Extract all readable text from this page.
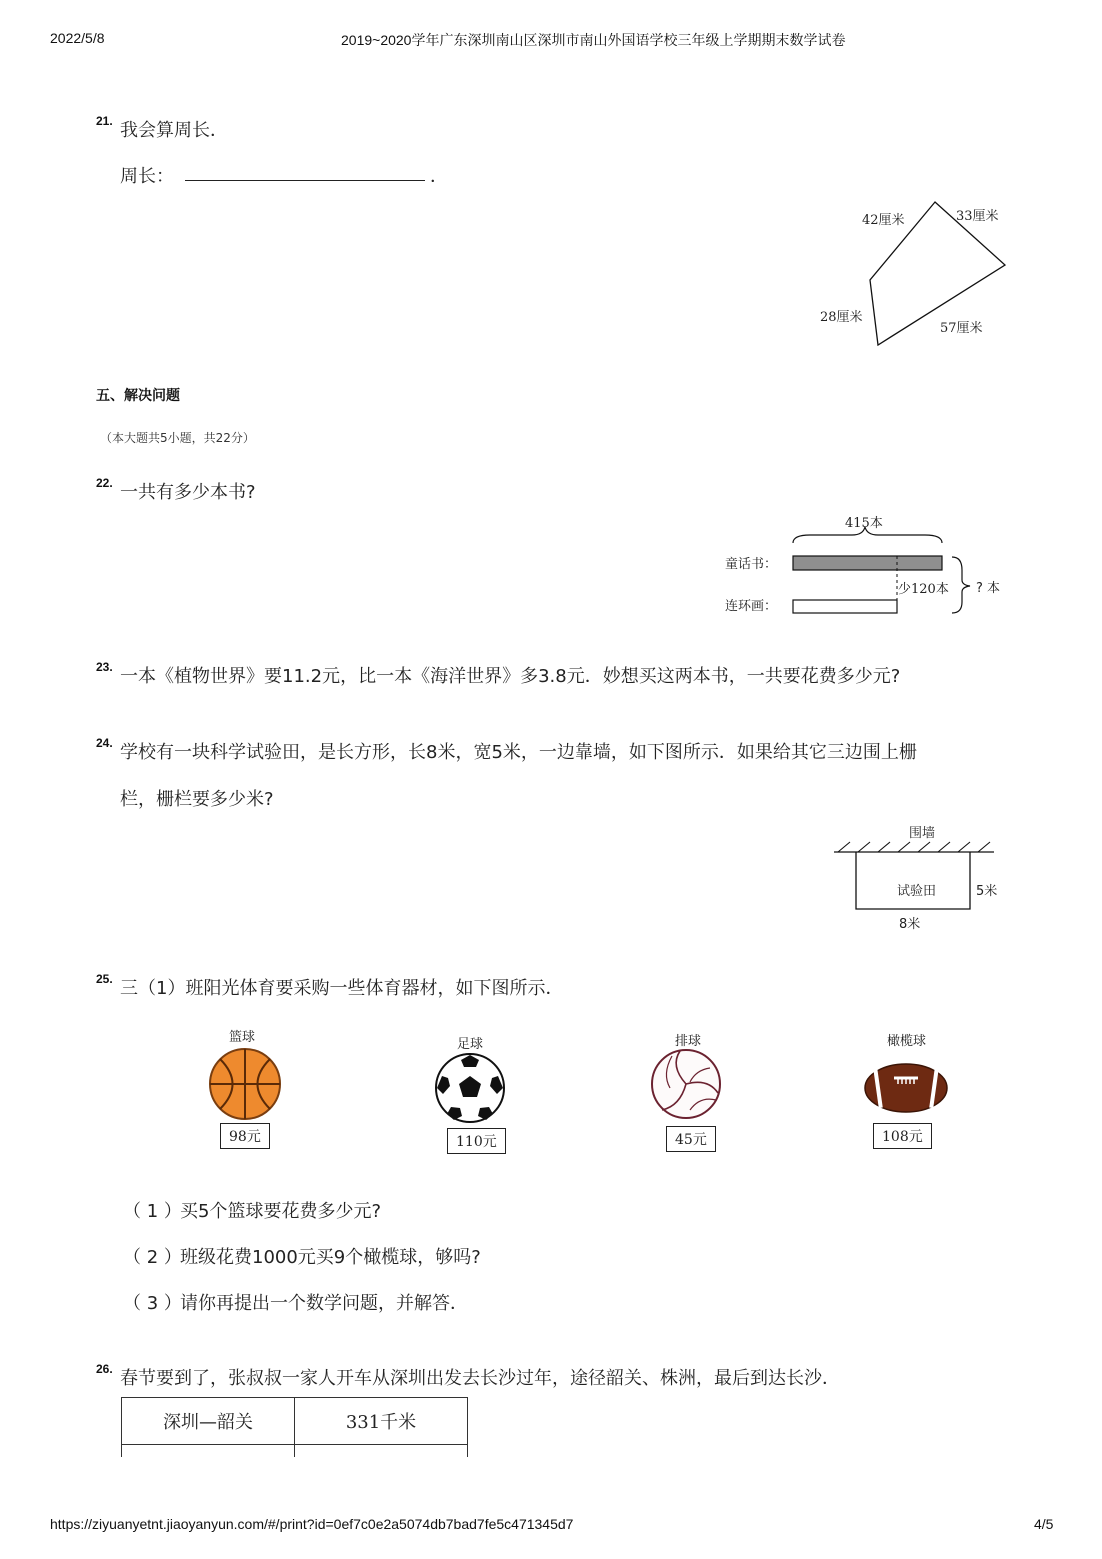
2022/5/8	2019~2020学年广东深圳南山区深圳市南山外国语学校三年级上学期期末数学试卷
21. 我会算周长．
周长：	．
42厘米	33厘米
28厘米
57厘米
五、解决问题
（本大题共5小题，共22分）
22. 一共有多少本书?
415本
童话书：
连环画：
少120本 ? 本
23. 一本《植物世界》要11.2元，比一本《海洋世界》多3.8元．妙想买这两本书，一共要花费多少元?
24. 学校有一块科学试验田，是长方形，长8米，宽5米，一边靠墙，如下图所示．如果给其它三边围上栅
栏，栅栏要多少米?
围墙
试验田	5米
8米
25. 三（1）班阳光体育要采购一些体育器材，如下图所示．
篮球
98元
足球
110元
排球
45元
橄榄球
108元
（ 1 ）
买5个篮球要花费多少元?
（ 2 ）
班级花费1000元买9个橄榄球，够吗?
（ 3 ）
请你再提出一个数学问题，并解答．
26. 春节要到了，张叔叔一家人开车从深圳出发去长沙过年，途径韶关、株洲，最后到达长沙．
深圳—韶关	331千米

https://ziyuanyetnt.jiaoyanyun.com/#/print?id=0ef7c0e2a5074db7bad7fe5c471345d7	4/5
